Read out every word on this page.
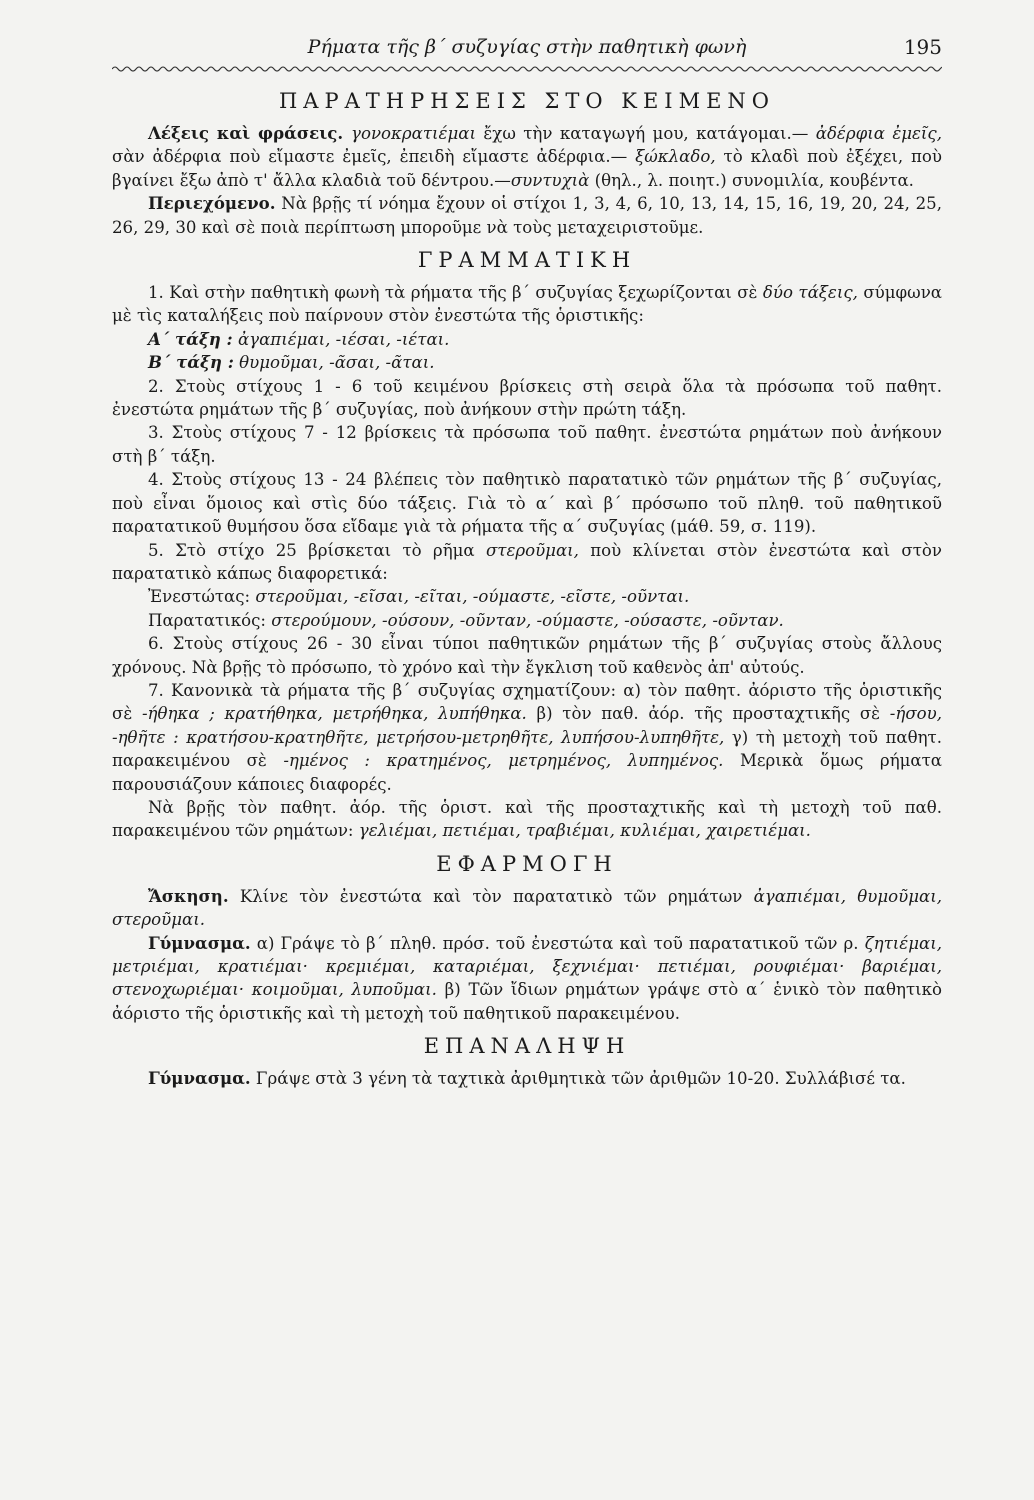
Ρήματα τῆς β΄ συζυγίας στὴν παθητικὴ φωνὴ	195
ΠΑΡΑΤΗΡΗΣΕΙΣ ΣΤΟ ΚΕΙΜΕΝΟ

Λέξεις καὶ φράσεις. γονοκρατιέμαι ἔχω τὴν καταγωγή μου, κατάγομαι.— ἀδέρφια ἐμεῖς, σὰν ἀδέρφια ποὺ εἴμαστε ἐμεῖς, ἐπειδὴ εἴμαστε ἀδέρφια.— ξώκλαδο, τὸ κλαδὶ ποὺ ἐξέχει, ποὺ βγαίνει ἔξω ἀπὸ τ' ἄλλα κλαδιὰ τοῦ δέντρου.—συντυχιὰ (θηλ., λ. ποιητ.) συνομιλία, κουβέντα.

Περιεχόμενο. Νὰ βρῇς τί νόημα ἔχουν οἱ στίχοι 1, 3, 4, 6, 10, 13, 14, 15, 16, 19, 20, 24, 25, 26, 29, 30 καὶ σὲ ποιὰ περίπτωση μποροῦμε νὰ τοὺς μεταχειριστοῦμε.

ΓΡΑΜΜΑΤΙΚΗ

1. Καὶ στὴν παθητικὴ φωνὴ τὰ ρήματα τῆς β΄ συζυγίας ξεχωρίζονται σὲ δύο τάξεις, σύμφωνα μὲ τὶς καταλήξεις ποὺ παίρνουν στὸν ἐνεστώτα τῆς ὁριστικῆς:

Α΄ τάξη : ἀγαπιέμαι, -ιέσαι, -ιέται.

Β΄ τάξη : θυμοῦμαι, -ᾶσαι, -ᾶται.

2. Στοὺς στίχους 1 - 6 τοῦ κειμένου βρίσκεις στὴ σειρὰ ὅλα τὰ πρόσωπα τοῦ παθητ. ἐνεστώτα ρημάτων τῆς β΄ συζυγίας, ποὺ ἀνήκουν στὴν πρώτη τάξη.

3. Στοὺς στίχους 7 - 12 βρίσκεις τὰ πρόσωπα τοῦ παθητ. ἐνεστώτα ρημάτων ποὺ ἀνήκουν στὴ β΄ τάξη.

4. Στοὺς στίχους 13 - 24 βλέπεις τὸν παθητικὸ παρατατικὸ τῶν ρημάτων τῆς β΄ συζυγίας, ποὺ εἶναι ὅμοιος καὶ στὶς δύο τάξεις. Γιὰ τὸ α΄ καὶ β΄ πρόσωπο τοῦ πληθ. τοῦ παθητικοῦ παρατατικοῦ θυμήσου ὅσα εἴδαμε γιὰ τὰ ρήματα τῆς α΄ συζυγίας (μάθ. 59, σ. 119).

5. Στὸ στίχο 25 βρίσκεται τὸ ρῆμα στεροῦμαι, ποὺ κλίνεται στὸν ἐνεστώτα καὶ στὸν παρατατικὸ κάπως διαφορετικά:

Ἐνεστώτας: στεροῦμαι, -εῖσαι, -εῖται, -ούμαστε, -εῖστε, -οῦνται.

Παρατατικός: στερούμουν, -ούσουν, -οῦνταν, -ούμαστε, -ούσαστε, -οῦνταν.

6. Στοὺς στίχους 26 - 30 εἶναι τύποι παθητικῶν ρημάτων τῆς β΄ συζυγίας στοὺς ἄλλους χρόνους. Νὰ βρῇς τὸ πρόσωπο, τὸ χρόνο καὶ τὴν ἔγκλιση τοῦ καθενὸς ἀπ' αὐτούς.

7. Κανονικὰ τὰ ρήματα τῆς β΄ συζυγίας σχηματίζουν: α) τὸν παθητ. ἀόριστο τῆς ὁριστικῆς σὲ -ήθηκα ; κρατήθηκα, μετρήθηκα, λυπήθηκα. β) τὸν παθ. ἀόρ. τῆς προσταχτικῆς σὲ -ήσου, -ηθῆτε : κρατήσου-κρατηθῆτε, μετρήσου-μετρηθῆτε, λυπήσου-λυπηθῆτε, γ) τὴ μετοχὴ τοῦ παθητ. παρακειμένου σὲ -ημένος : κρατημένος, μετρημένος, λυπημένος. Μερικὰ ὅμως ρήματα παρουσιάζουν κάποιες διαφορές.

Νὰ βρῇς τὸν παθητ. ἀόρ. τῆς ὁριστ. καὶ τῆς προσταχτικῆς καὶ τὴ μετοχὴ τοῦ παθ. παρακειμένου τῶν ρημάτων: γελιέμαι, πετιέμαι, τραβιέμαι, κυλιέμαι, χαιρετιέμαι.

ΕΦΑΡΜΟΓΗ

Ἄσκηση. Κλίνε τὸν ἐνεστώτα καὶ τὸν παρατατικὸ τῶν ρημάτων ἀγαπιέμαι, θυμοῦμαι, στεροῦμαι.

Γύμνασμα. α) Γράψε τὸ β΄ πληθ. πρόσ. τοῦ ἐνεστώτα καὶ τοῦ παρατατικοῦ τῶν ρ. ζητιέμαι, μετριέμαι, κρατιέμαι· κρεμιέμαι, καταριέμαι, ξεχνιέμαι· πετιέμαι, ρουφιέμαι· βαριέμαι, στενοχωριέμαι· κοιμοῦμαι, λυποῦμαι. β) Τῶν ἴδιων ρημάτων γράψε στὸ α΄ ἑνικὸ τὸν παθητικὸ ἀόριστο τῆς ὁριστικῆς καὶ τὴ μετοχὴ τοῦ παθητικοῦ παρακειμένου.

ΕΠΑΝΑΛΗΨΗ

Γύμνασμα. Γράψε στὰ 3 γένη τὰ ταχτικὰ ἀριθμητικὰ τῶν ἀριθμῶν 10-20. Συλλάβισέ τα.
